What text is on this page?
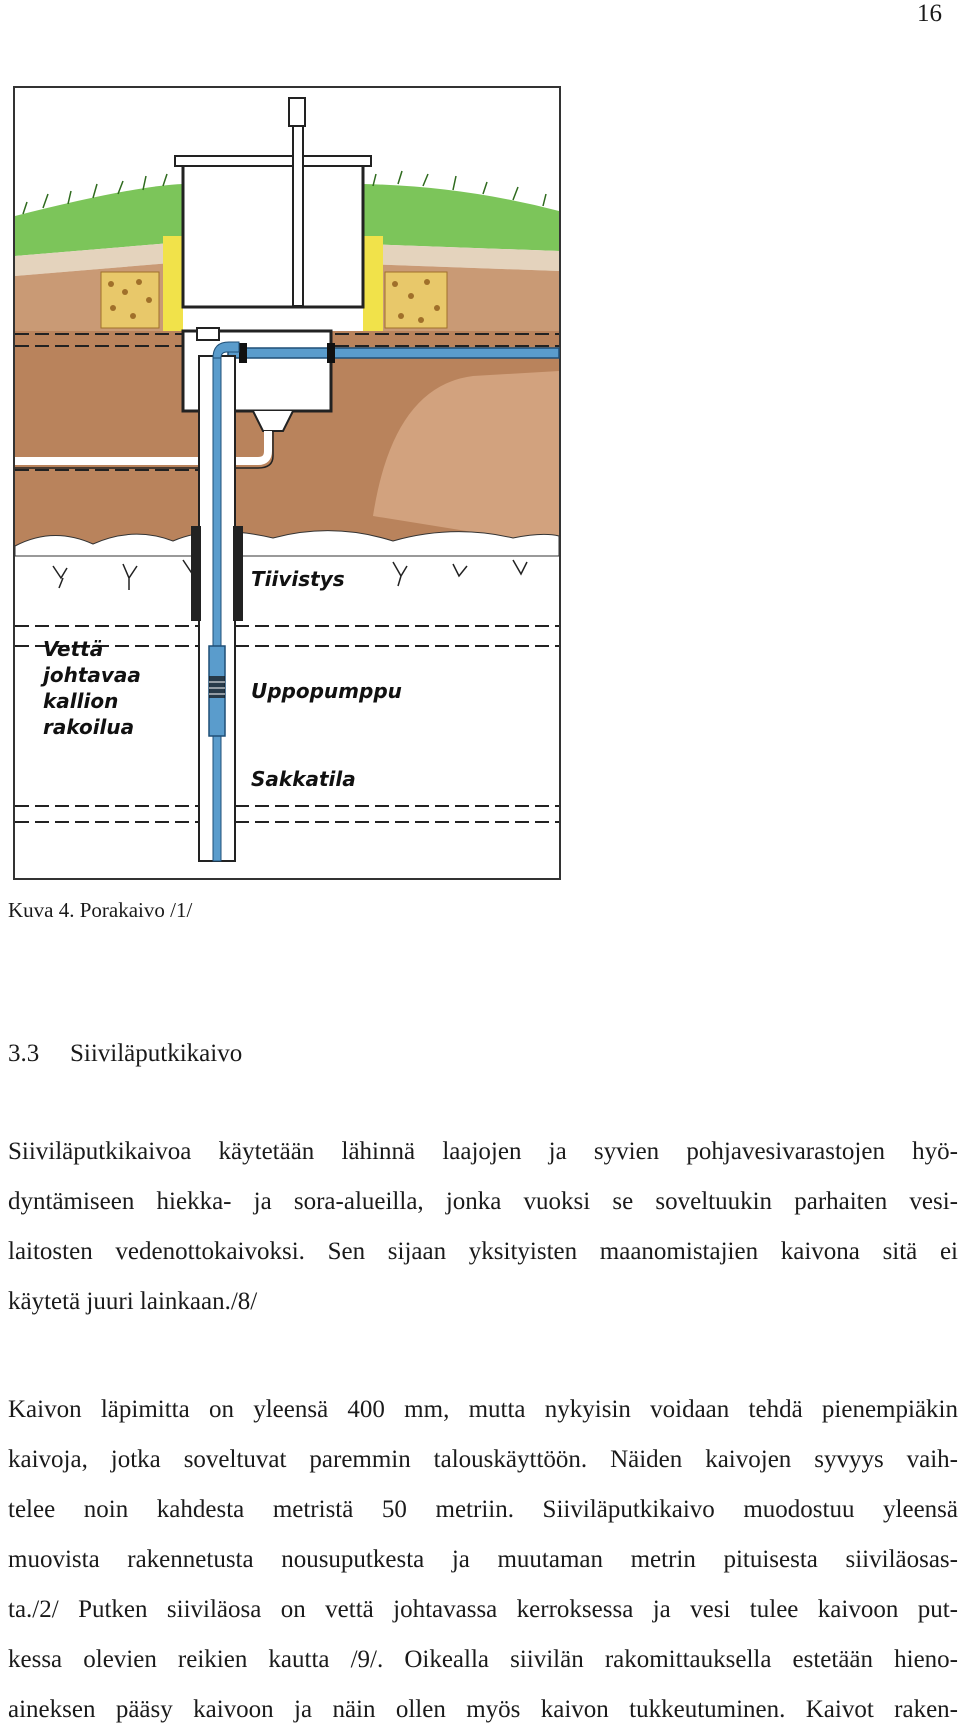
16
Tiivistys
Vettä
johtavaa
kallion
rakoilua
Uppopumppu
Sakkatila
Kuva 4. Porakaivo /1/
3.3 Siiviläputkikaivo

Siiviläputkikaivoa käytetään lähinnä laajojen ja syvien pohjavesivarastojen hyö-
dyntämiseen hiekka- ja sora-alueilla, jonka vuoksi se soveltuukin parhaiten vesi-
laitosten vedenottokaivoksi. Sen sijaan yksityisten maanomistajien kaivona sitä ei
käytetä juuri lainkaan./8/

Kaivon läpimitta on yleensä 400 mm, mutta nykyisin voidaan tehdä pienempiäkin
kaivoja, jotka soveltuvat paremmin talouskäyttöön. Näiden kaivojen syvyys vaih-
telee noin kahdesta metristä 50 metriin. Siiviläputkikaivo muodostuu yleensä
muovista rakennetusta nousuputkesta ja muutaman metrin pituisesta siiviläosas-
ta./2/ Putken siiviläosa on vettä johtavassa kerroksessa ja vesi tulee kaivoon put-
kessa olevien reikien kautta /9/. Oikealla siivilän rakomittauksella estetään hieno-
aineksen pääsy kaivoon ja näin ollen myös kaivon tukkeutuminen. Kaivot raken-
